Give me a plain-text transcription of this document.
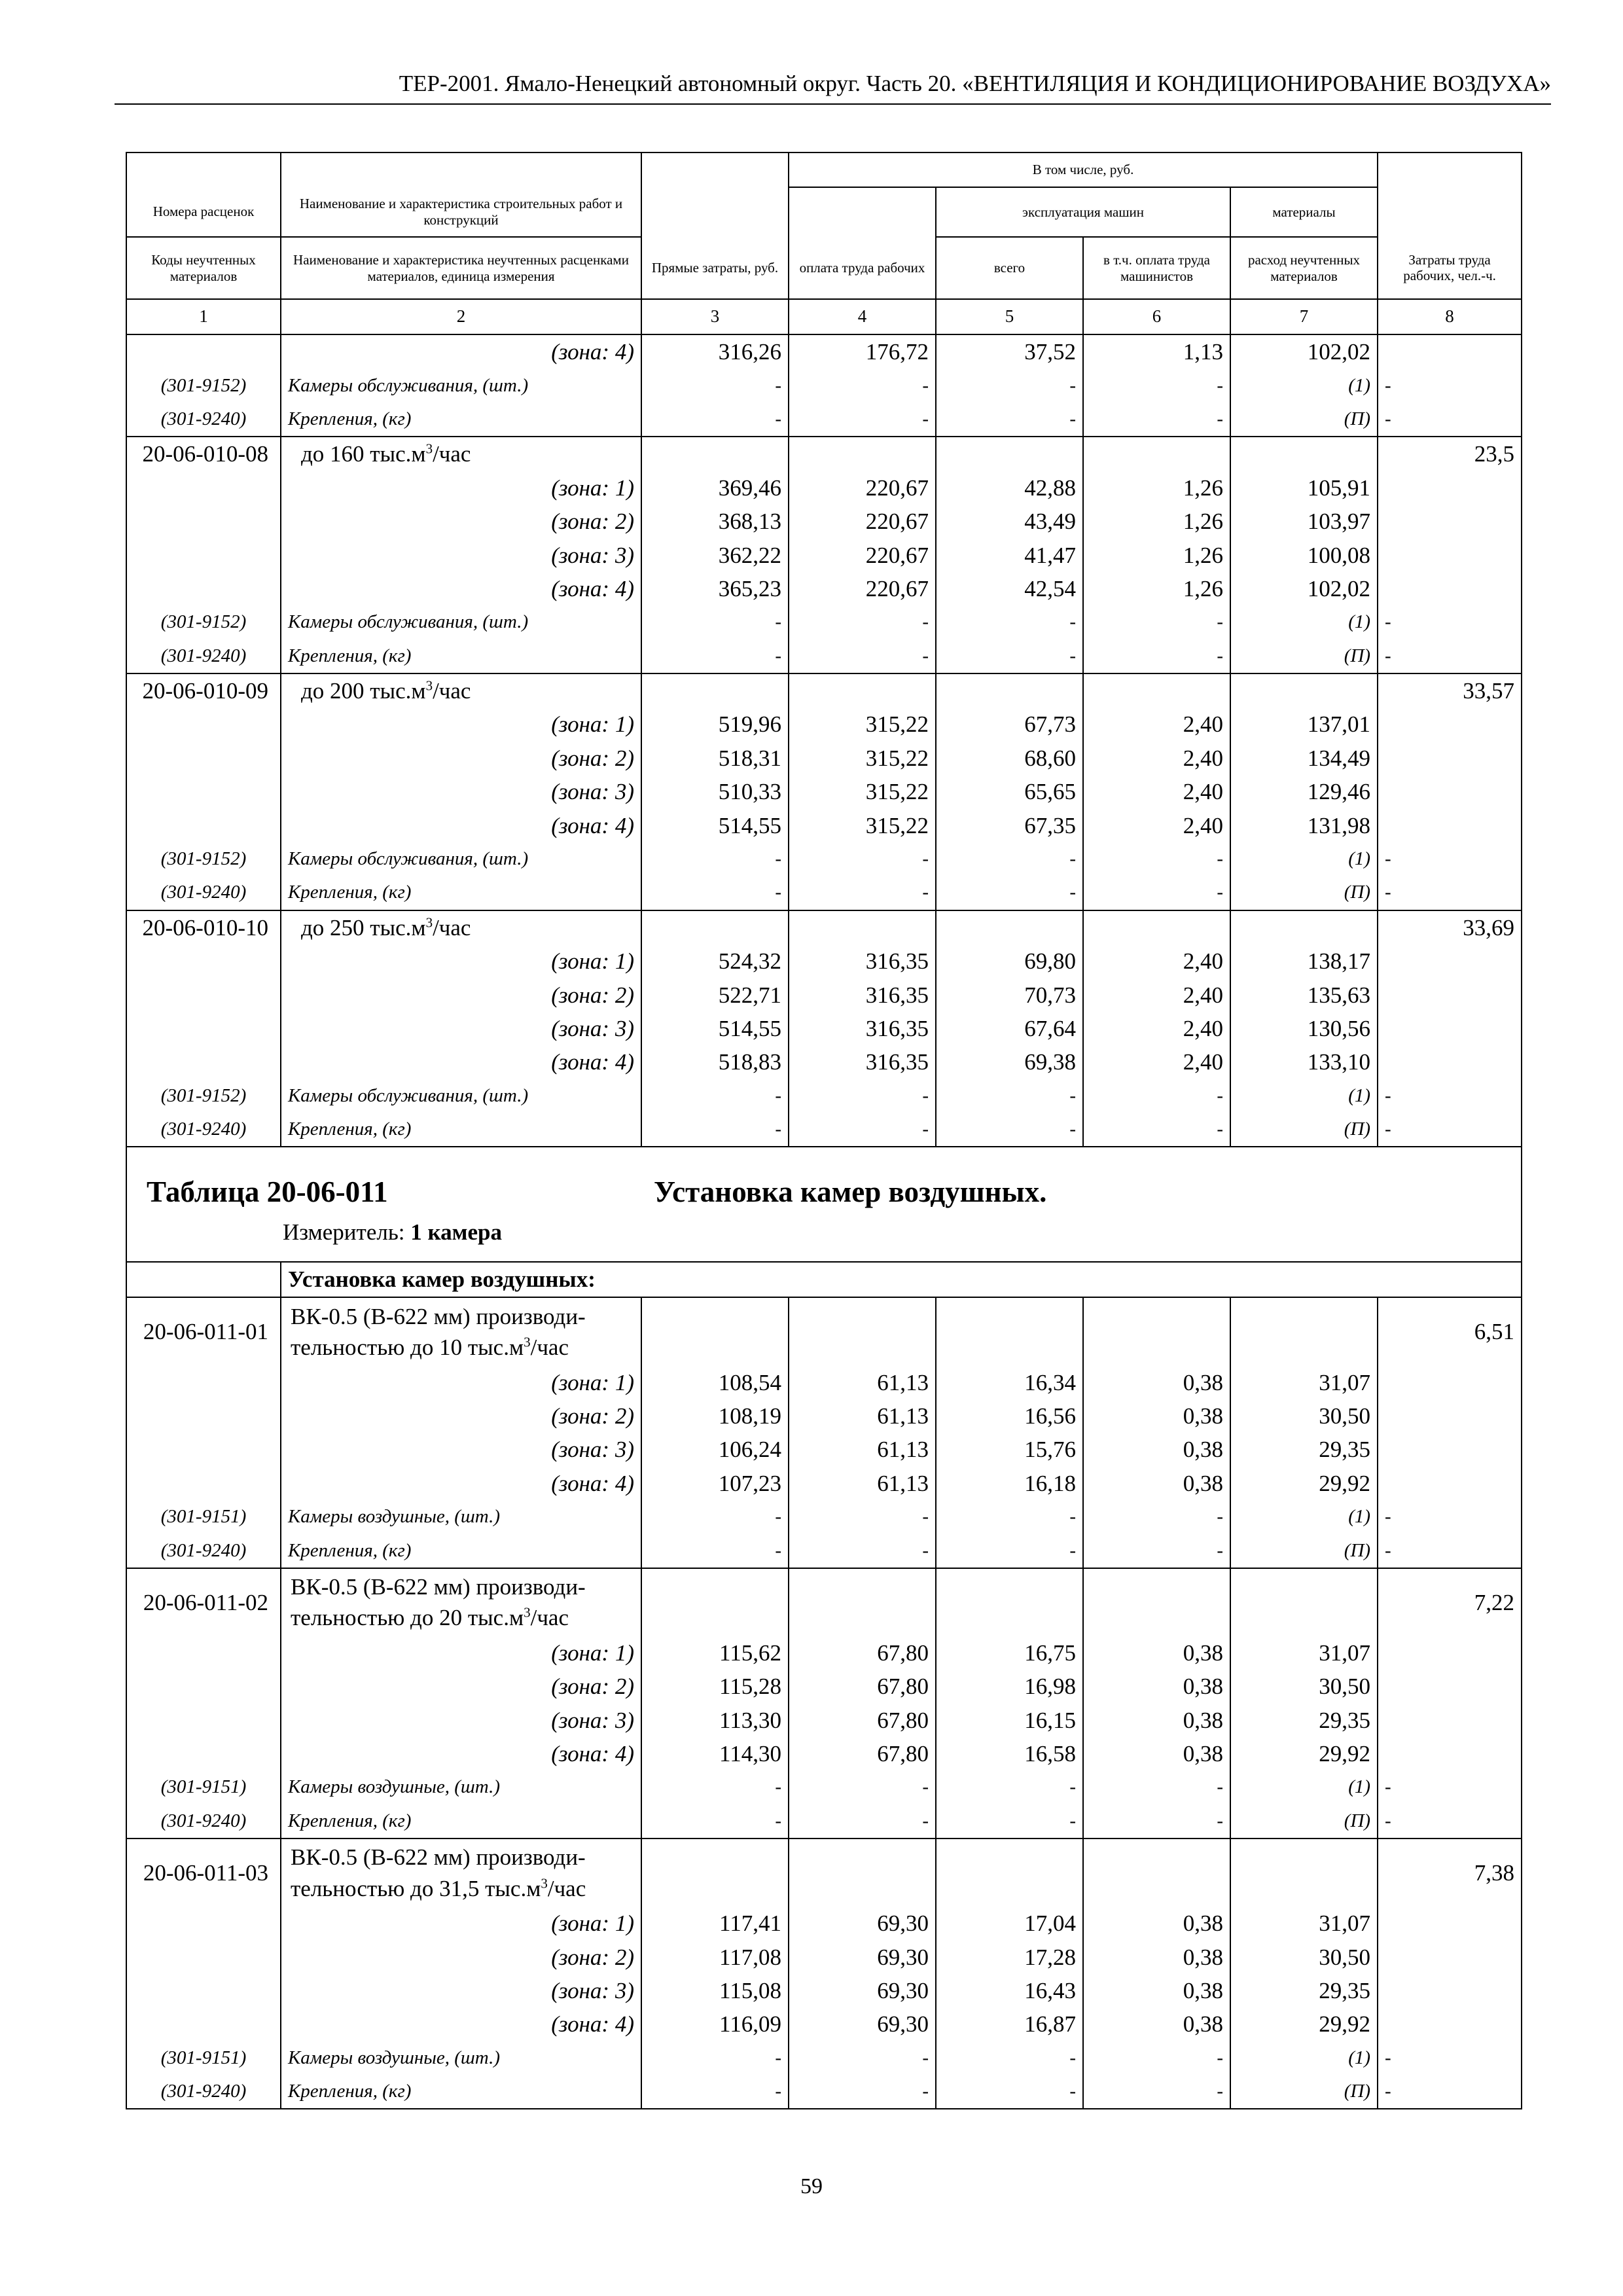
ТЕР-2001. Ямало-Ненецкий автономный округ. Часть 20. «ВЕНТИЛЯЦИЯ И КОНДИЦИОНИРОВАНИЕ ВОЗДУХА»
			В том числе, руб.				
Номера расценок	Наименование и характеристика строительных работ и конструкций			эксплуатация машин		материалы	
Коды неучтенных материалов	Наименование и характеристика неучтенных расценками материалов, единица измерения	Прямые затраты, руб.	оплата труда рабочих	всего	в т.ч. оплата труда машинистов	расход неучтенных материалов	Затраты труда рабочих, чел.-ч.
1	2	3	4	5	6	7	8
	(зона: 4)	316,26	176,72	37,52	1,13	102,02	
(301-9152)	Камеры обслуживания, (шт.)	-	-	-	-	(1)	-
(301-9240)	Крепления, (кг)	-	-	-	-	(П)	-
20-06-010-08	до 160 $тыс.м^3$/час						23,5
	(зона: 1)	369,46	220,67	42,88	1,26	105,91	
	(зона: 2)	368,13	220,67	43,49	1,26	103,97	
	(зона: 3)	362,22	220,67	41,47	1,26	100,08	
	(зона: 4)	365,23	220,67	42,54	1,26	102,02	
(301-9152)	Камеры обслуживания, (шт.)	-	-	-	-	(1)	-
(301-9240)	Крепления, (кг)	-	-	-	-	(П)	-
20-06-010-09	до 200 $тыс.м^3$/час						33,57
	(зона: 1)	519,96	315,22	67,73	2,40	137,01	
	(зона: 2)	518,31	315,22	68,60	2,40	134,49	
	(зона: 3)	510,33	315,22	65,65	2,40	129,46	
	(зона: 4)	514,55	315,22	67,35	2,40	131,98	
(301-9152)	Камеры обслуживания, (шт.)	-	-	-	-	(1)	-
(301-9240)	Крепления, (кг)	-	-	-	-	(П)	-
20-06-010-10	до 250 $тыс.м^3$/час						33,69
	(зона: 1)	524,32	316,35	69,80	2,40	138,17	
	(зона: 2)	522,71	316,35	70,73	2,40	135,63	
	(зона: 3)	514,55	316,35	67,64	2,40	130,56	
	(зона: 4)	518,83	316,35	69,38	2,40	133,10	
(301-9152)	Камеры обслуживания, (шт.)	-	-	-	-	(1)	-
(301-9240)	Крепления, (кг)	-	-	-	-	(П)	-

Таблица 20-06-011 Установка камер воздушных.
Измеритель: 1 камера							

	Установка камер воздушных:						
20-06-011-01	ВК-0.5 (В-622 мм) производи-
тельностью до 10 $тыс.м^3$/час						6,51
	(зона: 1)	108,54	61,13	16,34	0,38	31,07	
	(зона: 2)	108,19	61,13	16,56	0,38	30,50	
	(зона: 3)	106,24	61,13	15,76	0,38	29,35	
	(зона: 4)	107,23	61,13	16,18	0,38	29,92	
(301-9151)	Камеры воздушные, (шт.)	-	-	-	-	(1)	-
(301-9240)	Крепления, (кг)	-	-	-	-	(П)	-
20-06-011-02	ВК-0.5 (В-622 мм) производи-
тельностью до 20 $тыс.м^3$/час						7,22
	(зона: 1)	115,62	67,80	16,75	0,38	31,07	
	(зона: 2)	115,28	67,80	16,98	0,38	30,50	
	(зона: 3)	113,30	67,80	16,15	0,38	29,35	
	(зона: 4)	114,30	67,80	16,58	0,38	29,92	
(301-9151)	Камеры воздушные, (шт.)	-	-	-	-	(1)	-
(301-9240)	Крепления, (кг)	-	-	-	-	(П)	-
20-06-011-03	ВК-0.5 (В-622 мм) производи-
тельностью до 31,5 $тыс.м^3$/час						7,38
	(зона: 1)	117,41	69,30	17,04	0,38	31,07	
	(зона: 2)	117,08	69,30	17,28	0,38	30,50	
	(зона: 3)	115,08	69,30	16,43	0,38	29,35	
	(зона: 4)	116,09	69,30	16,87	0,38	29,92	
(301-9151)	Камеры воздушные, (шт.)	-	-	-	-	(1)	-
(301-9240)	Крепления, (кг)	-	-	-	-	(П)	-
59
